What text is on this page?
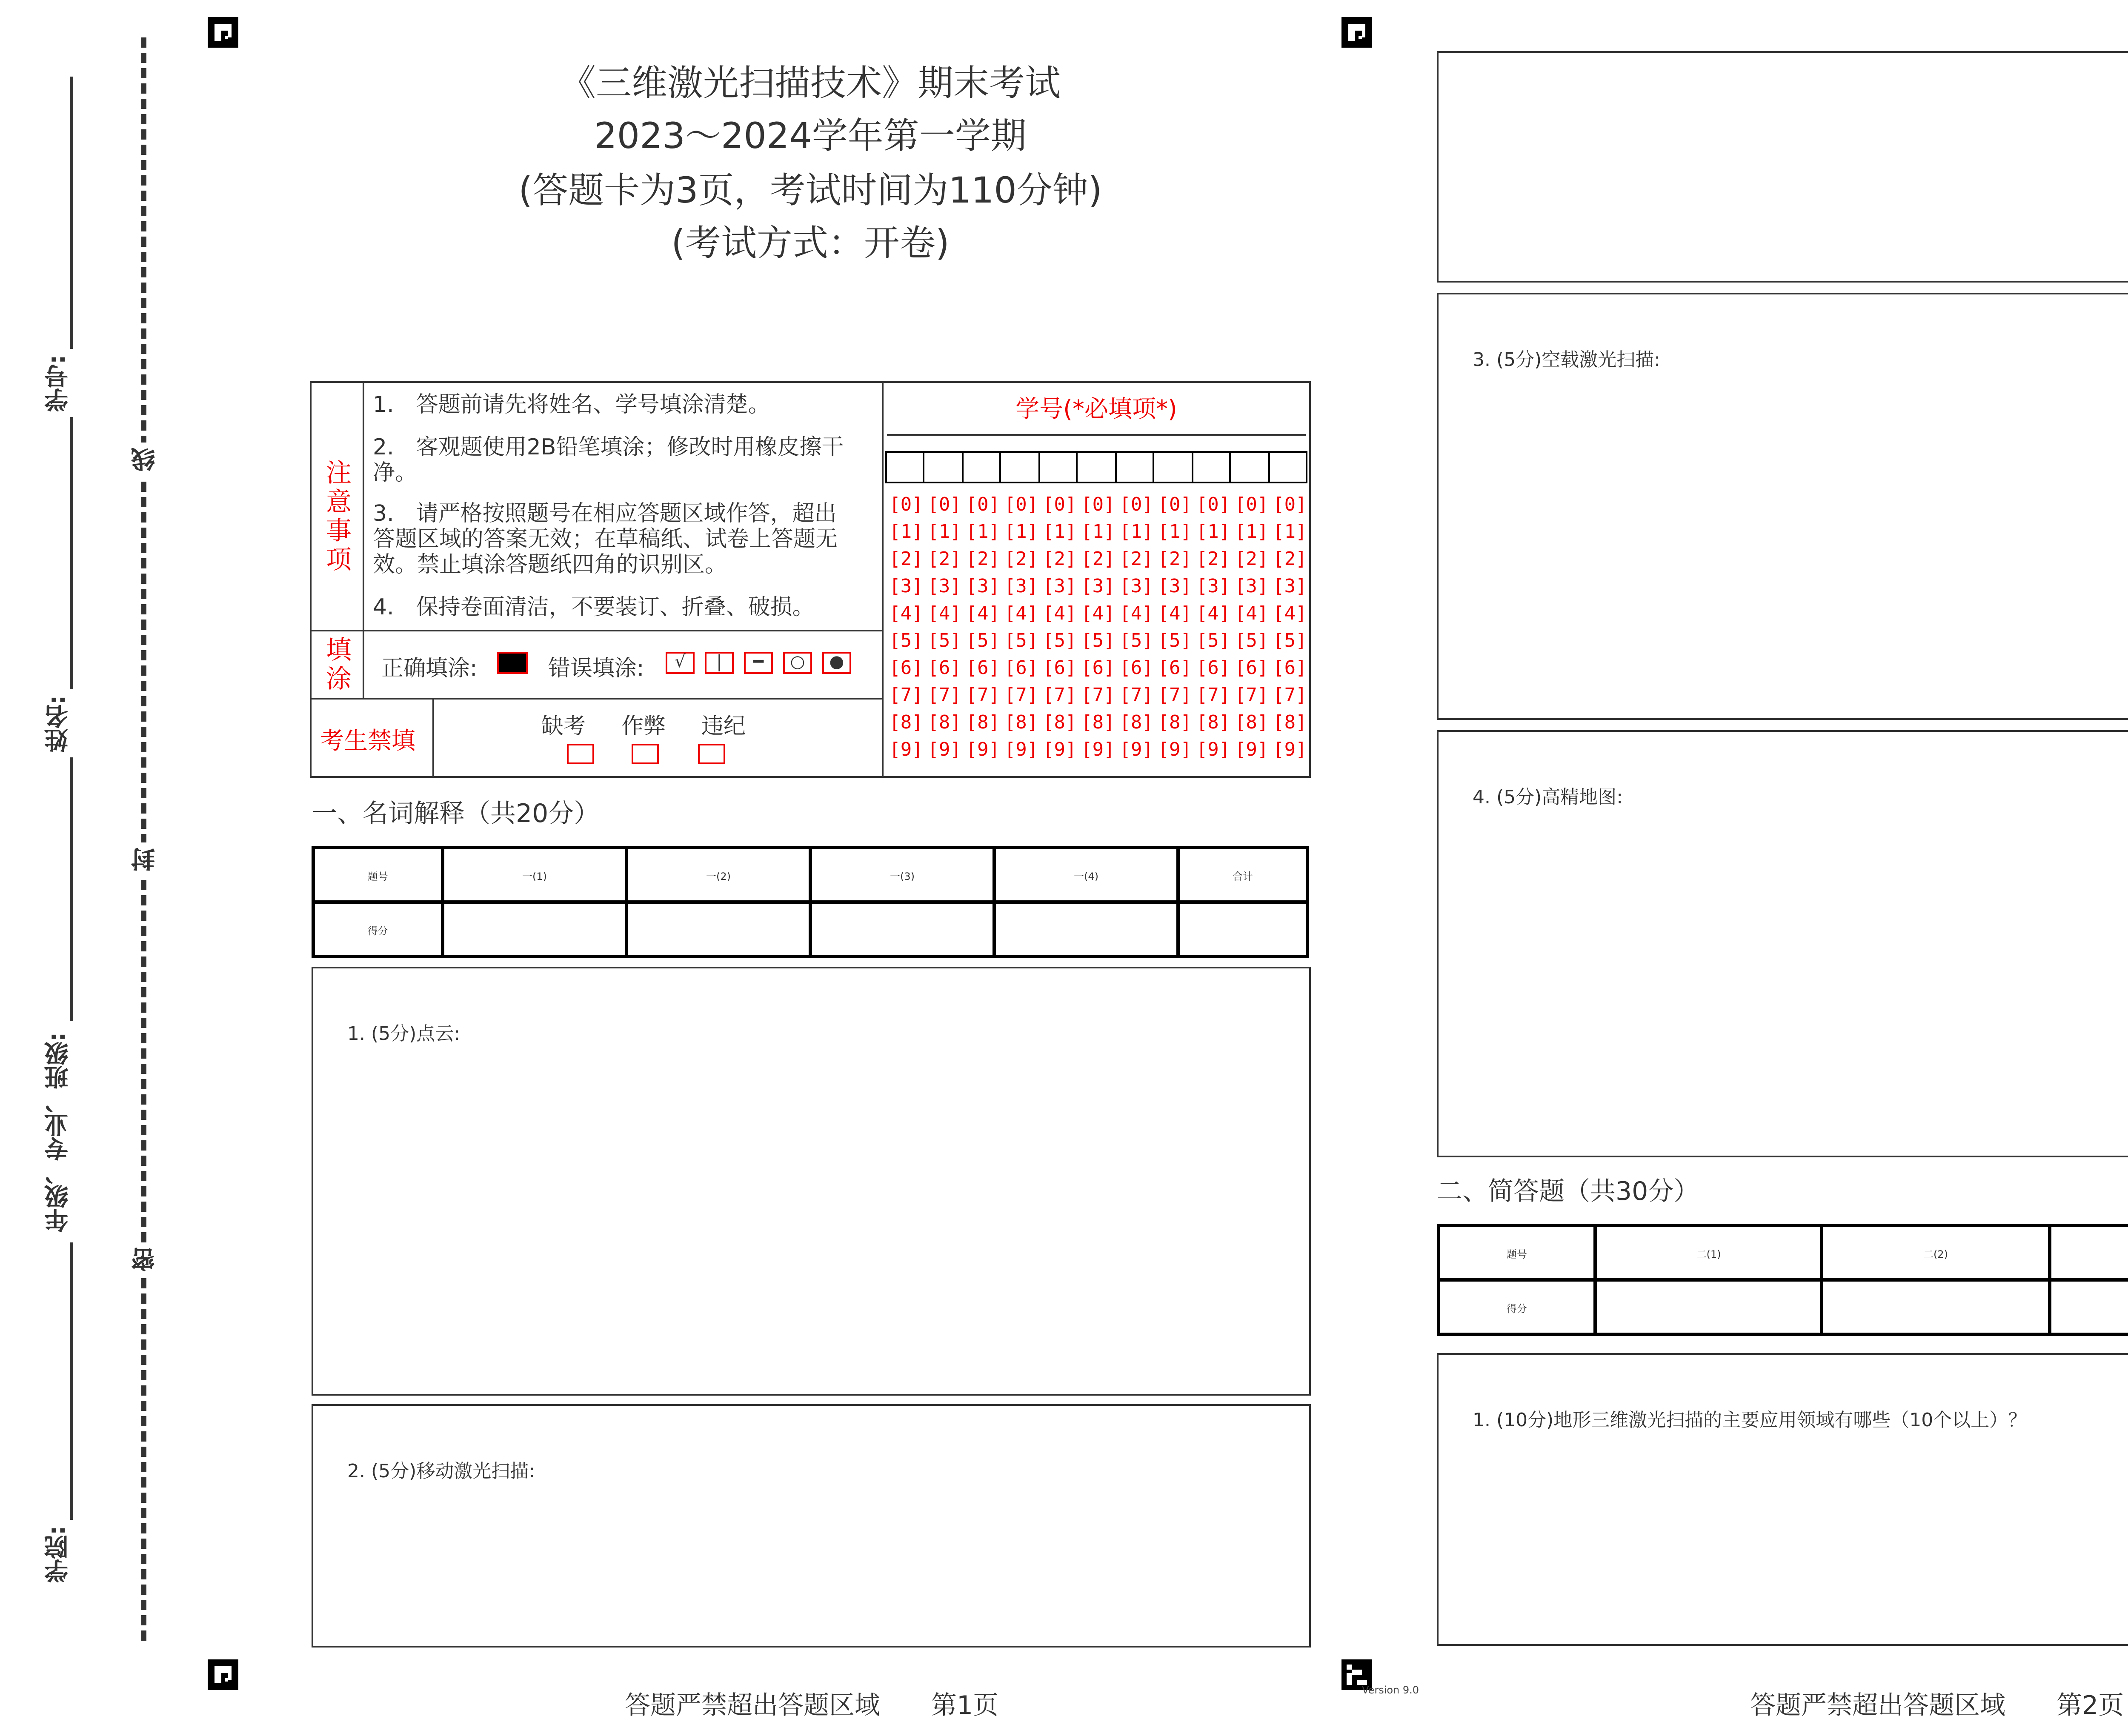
Version 9.0
学号:
姓名:
年级、专业、班级:
学院:
线
封
密
《三维激光扫描技术》期末考试
2023～2024学年第一学期
(答题卡为3页，考试时间为110分钟)
(考试方式：开卷)
注意事项
1.　答题前请先将姓名、学号填涂清楚。
2.　客观题使用2B铅笔填涂；修改时用橡皮擦干净。
3.　请严格按照题号在相应答题区域作答，超出答题区域的答案无效；在草稿纸、试卷上答题无效。禁止填涂答题纸四角的识别区。
4.　保持卷面清洁，不要装订、折叠、破损。
填涂	正确填涂:	错误填涂:	√	|	━	○	●
考生禁填
缺考	作弊	违纪
学号(*必填项*)
[0] [0] [0] [0] [0] [0] [0] [0] [0] [0] [0]
[1] [1] [1] [1] [1] [1] [1] [1] [1] [1] [1]
[2] [2] [2] [2] [2] [2] [2] [2] [2] [2] [2]
[3] [3] [3] [3] [3] [3] [3] [3] [3] [3] [3]
[4] [4] [4] [4] [4] [4] [4] [4] [4] [4] [4]
[5] [5] [5] [5] [5] [5] [5] [5] [5] [5] [5]
[6] [6] [6] [6] [6] [6] [6] [6] [6] [6] [6]
[7] [7] [7] [7] [7] [7] [7] [7] [7] [7] [7]
[8] [8] [8] [8] [8] [8] [8] [8] [8] [8] [8]
[9] [9] [9] [9] [9] [9] [9] [9] [9] [9] [9]
一、名词解释（共20分）
题号	一(1)	一(2)	一(3)	一(4)	合计
得分					
1. (5分)点云:
2. (5分)移动激光扫描:
答题严禁超出答题区域　　第1页
3. (5分)空载激光扫描:
4. (5分)高精地图:
二、简答题（共30分）
题号	二(1)	二(2)		
得分				
1. (10分)地形三维激光扫描的主要应用领域有哪些（10个以上）？
答题严禁超出答题区域　　第2页
